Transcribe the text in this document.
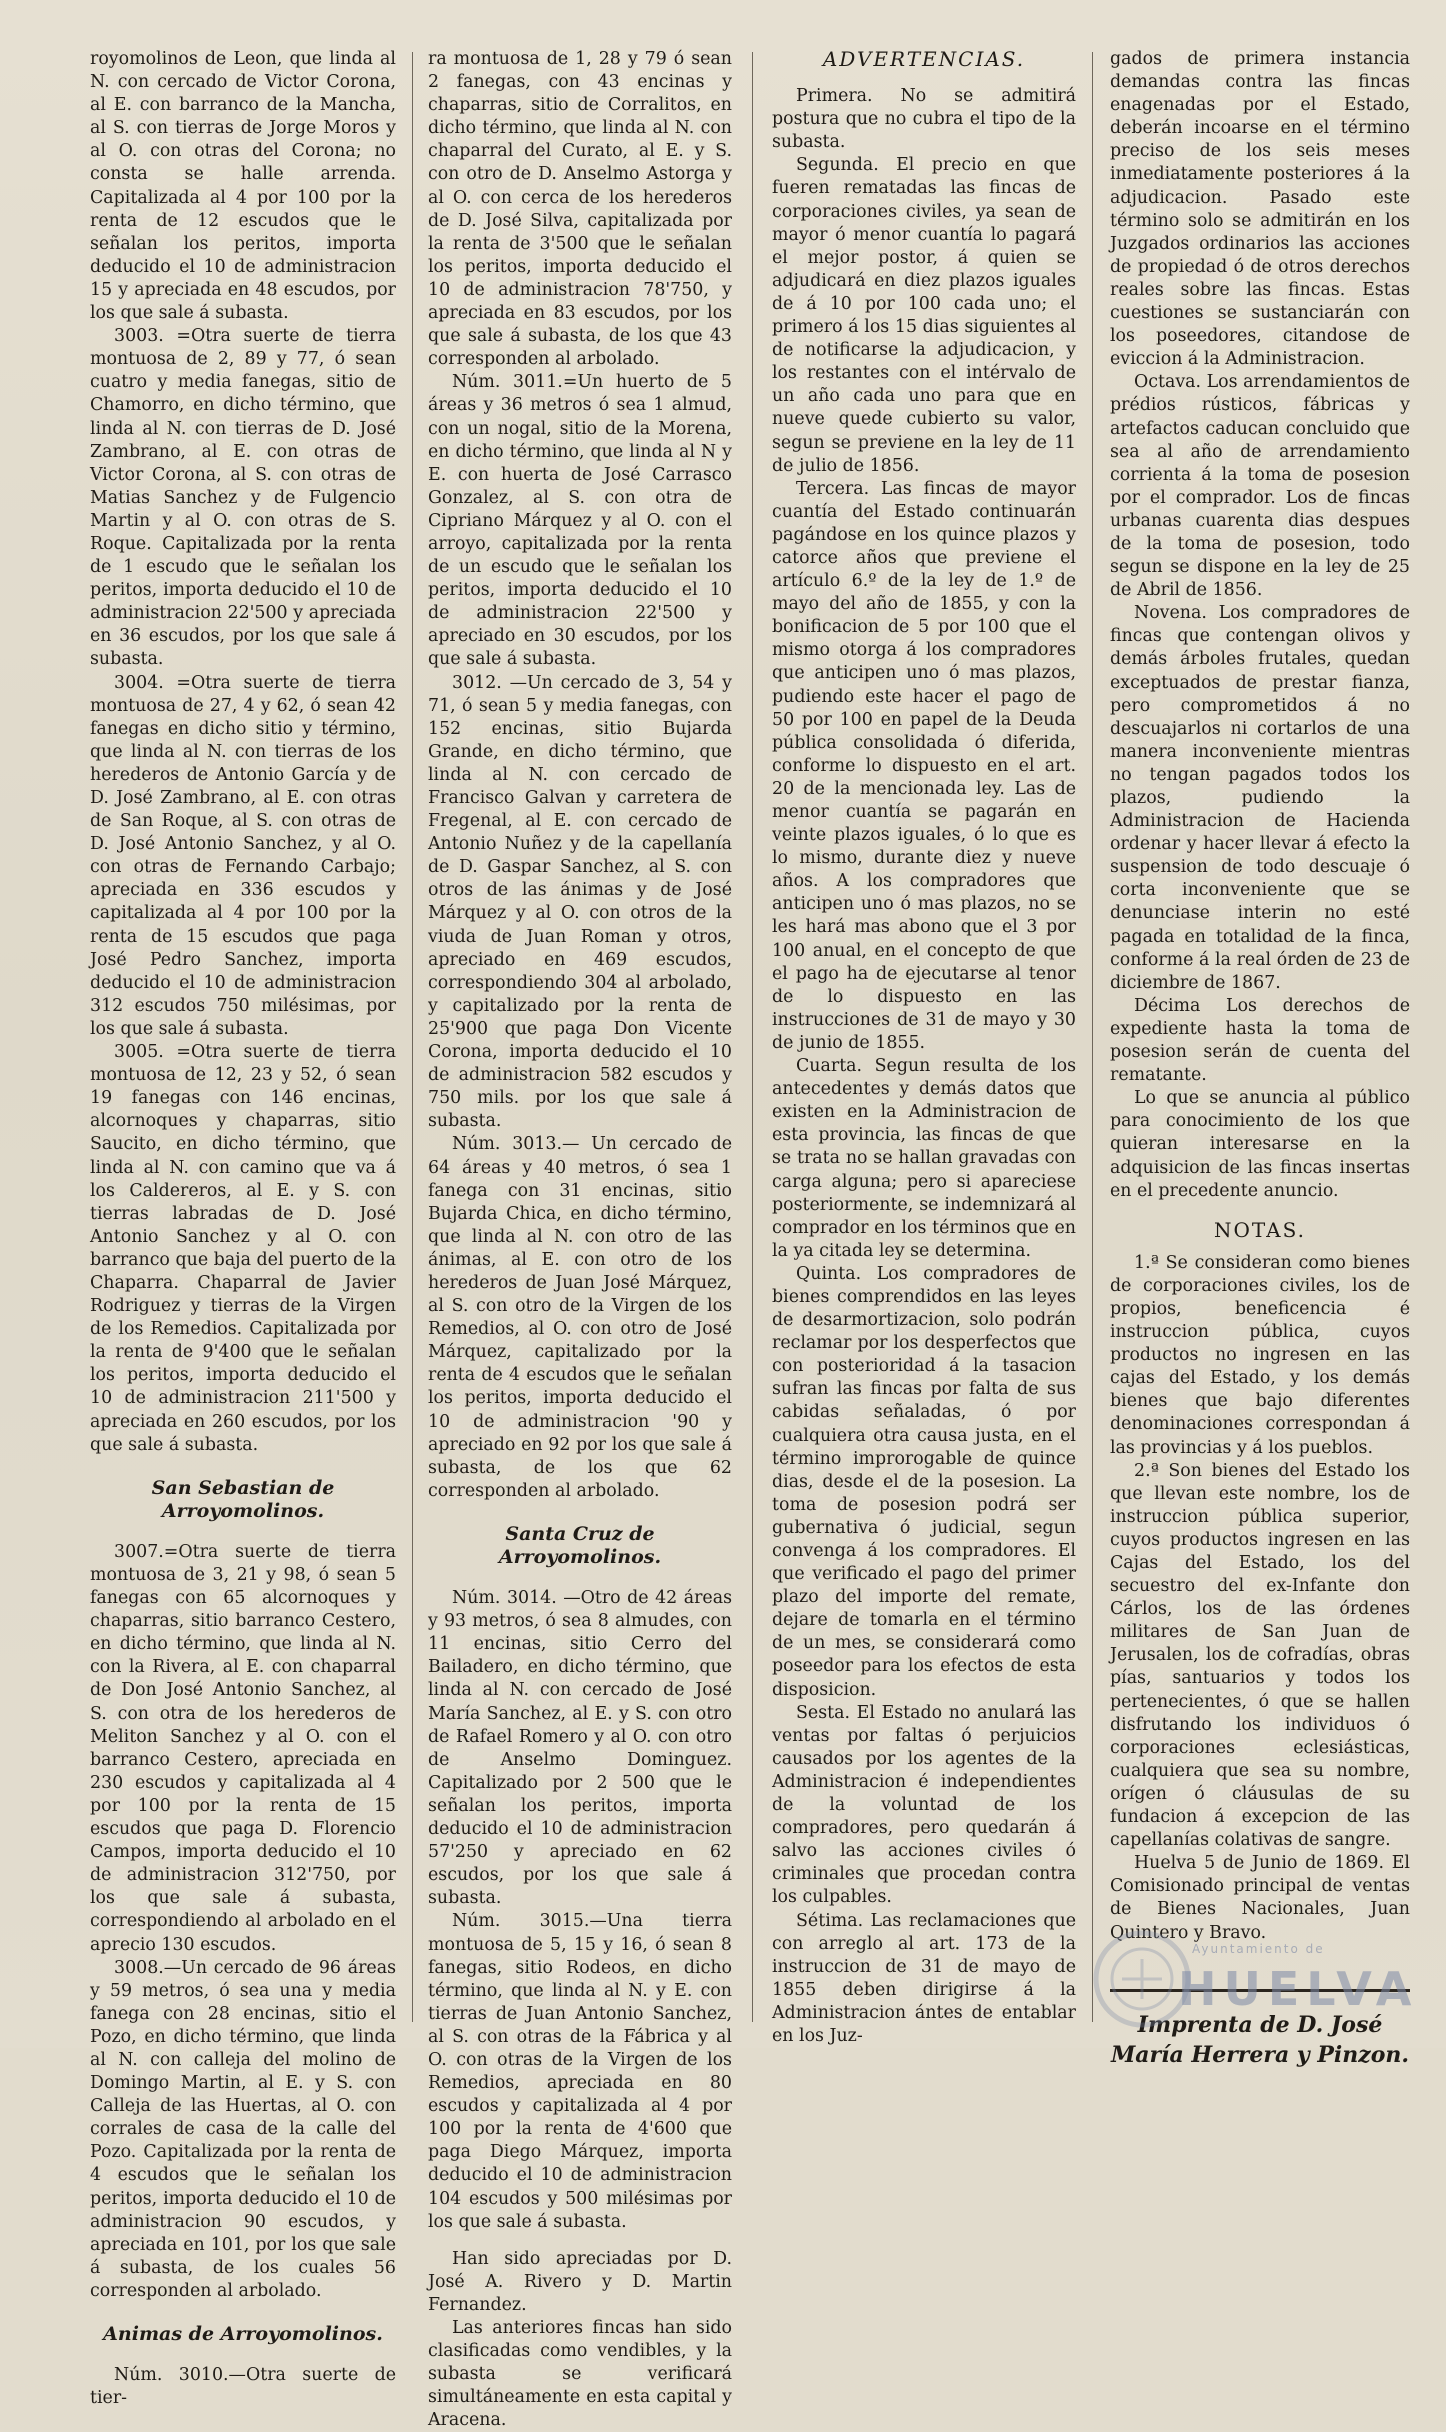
royomolinos de Leon, que linda al N. con cercado de Victor Corona, al E. con barranco de la Mancha, al S. con tierras de Jorge Moros y al O. con otras del Corona; no consta se halle arrenda. Capitalizada al 4 por 100 por la renta de 12 escudos que le señalan los peritos, importa deducido el 10 de administracion 15 y apreciada en 48 escudos, por los que sale á subasta.

3003. =Otra suerte de tierra montuosa de 2, 89 y 77, ó sean cuatro y media fanegas, sitio de Chamorro, en dicho término, que linda al N. con tierras de D. José Zambrano, al E. con otras de Victor Corona, al S. con otras de Matias Sanchez y de Fulgencio Martin y al O. con otras de S. Roque. Capitalizada por la renta de 1 escudo que le señalan los peritos, importa deducido el 10 de administracion 22'500 y apreciada en 36 escudos, por los que sale á subasta.

3004. =Otra suerte de tierra montuosa de 27, 4 y 62, ó sean 42 fanegas en dicho sitio y término, que linda al N. con tierras de los herederos de Antonio García y de D. José Zambrano, al E. con otras de San Roque, al S. con otras de D. José Antonio Sanchez, y al O. con otras de Fernando Carbajo; apreciada en 336 escudos y capitalizada al 4 por 100 por la renta de 15 escudos que paga José Pedro Sanchez, importa deducido el 10 de administracion 312 escudos 750 milésimas, por los que sale á subasta.

3005. =Otra suerte de tierra montuosa de 12, 23 y 52, ó sean 19 fanegas con 146 encinas, alcornoques y chaparras, sitio Saucito, en dicho término, que linda al N. con camino que va á los Caldereros, al E. y S. con tierras labradas de D. José Antonio Sanchez y al O. con barranco que baja del puerto de la Chaparra. Chaparral de Javier Rodriguez y tierras de la Virgen de los Remedios. Capitalizada por la renta de 9'400 que le señalan los peritos, importa deducido el 10 de administracion 211'500 y apreciada en 260 escudos, por los que sale á subasta.

San Sebastian de Arroyomolinos.

3007.=Otra suerte de tierra montuosa de 3, 21 y 98, ó sean 5 fanegas con 65 alcornoques y chaparras, sitio barranco Cestero, en dicho término, que linda al N. con la Rivera, al E. con chaparral de Don José Antonio Sanchez, al S. con otra de los herederos de Meliton Sanchez y al O. con el barranco Cestero, apreciada en 230 escudos y capitalizada al 4 por 100 por la renta de 15 escudos que paga D. Florencio Campos, importa deducido el 10 de administracion 312'750, por los que sale á subasta, correspondiendo al arbolado en el aprecio 130 escudos.

3008.—Un cercado de 96 áreas y 59 metros, ó sea una y media fanega con 28 encinas, sitio el Pozo, en dicho término, que linda al N. con calleja del molino de Domingo Martin, al E. y S. con Calleja de las Huertas, al O. con corrales de casa de la calle del Pozo. Capitalizada por la renta de 4 escudos que le señalan los peritos, importa deducido el 10 de administracion 90 escudos, y apreciada en 101, por los que sale á subasta, de los cuales 56 corresponden al arbolado.

Animas de Arroyomolinos.

Núm. 3010.—Otra suerte de tier-

ra montuosa de 1, 28 y 79 ó sean 2 fanegas, con 43 encinas y chaparras, sitio de Corralitos, en dicho término, que linda al N. con chaparral del Curato, al E. y S. con otro de D. Anselmo Astorga y al O. con cerca de los herederos de D. José Silva, capitalizada por la renta de 3'500 que le señalan los peritos, importa deducido el 10 de administracion 78'750, y apreciada en 83 escudos, por los que sale á subasta, de los que 43 corresponden al arbolado.

Núm. 3011.=Un huerto de 5 áreas y 36 metros ó sea 1 almud, con un nogal, sitio de la Morena, en dicho término, que linda al N y E. con huerta de José Carrasco Gonzalez, al S. con otra de Cipriano Márquez y al O. con el arroyo, capitalizada por la renta de un escudo que le señalan los peritos, importa deducido el 10 de administracion 22'500 y apreciado en 30 escudos, por los que sale á subasta.

3012. —Un cercado de 3, 54 y 71, ó sean 5 y media fanegas, con 152 encinas, sitio Bujarda Grande, en dicho término, que linda al N. con cercado de Francisco Galvan y carretera de Fregenal, al E. con cercado de Antonio Nuñez y de la capellanía de D. Gaspar Sanchez, al S. con otros de las ánimas y de José Márquez y al O. con otros de la viuda de Juan Roman y otros, apreciado en 469 escudos, correspondiendo 304 al arbolado, y capitalizado por la renta de 25'900 que paga Don Vicente Corona, importa deducido el 10 de administracion 582 escudos y 750 mils. por los que sale á subasta.

Núm. 3013.— Un cercado de 64 áreas y 40 metros, ó sea 1 fanega con 31 encinas, sitio Bujarda Chica, en dicho término, que linda al N. con otro de las ánimas, al E. con otro de los herederos de Juan José Márquez, al S. con otro de la Virgen de los Remedios, al O. con otro de José Márquez, capitalizado por la renta de 4 escudos que le señalan los peritos, importa deducido el 10 de administracion '90 y apreciado en 92 por los que sale á subasta, de los que 62 corresponden al arbolado.

Santa Cruz de Arroyomolinos.

Núm. 3014. —Otro de 42 áreas y 93 metros, ó sea 8 almudes, con 11 encinas, sitio Cerro del Bailadero, en dicho término, que linda al N. con cercado de José María Sanchez, al E. y S. con otro de Rafael Romero y al O. con otro de Anselmo Dominguez. Capitalizado por 2 500 que le señalan los peritos, importa deducido el 10 de administracion 57'250 y apreciado en 62 escudos, por los que sale á subasta.

Núm. 3015.—Una tierra montuosa de 5, 15 y 16, ó sean 8 fanegas, sitio Rodeos, en dicho término, que linda al N. y E. con tierras de Juan Antonio Sanchez, al S. con otras de la Fábrica y al O. con otras de la Virgen de los Remedios, apreciada en 80 escudos y capitalizada al 4 por 100 por la renta de 4'600 que paga Diego Márquez, importa deducido el 10 de administracion 104 escudos y 500 milésimas por los que sale á subasta.

Han sido apreciadas por D. José A. Rivero y D. Martin Fernandez.

Las anteriores fincas han sido clasificadas como vendibles, y la subasta se verificará simultáneamente en esta capital y Aracena.

ADVERTENCIAS.

Primera. No se admitirá postura que no cubra el tipo de la subasta.

Segunda. El precio en que fueren rematadas las fincas de corporaciones civiles, ya sean de mayor ó menor cuantía lo pagará el mejor postor, á quien se adjudicará en diez plazos iguales de á 10 por 100 cada uno; el primero á los 15 dias siguientes al de notificarse la adjudicacion, y los restantes con el intérvalo de un año cada uno para que en nueve quede cubierto su valor, segun se previene en la ley de 11 de julio de 1856.

Tercera. Las fincas de mayor cuantía del Estado continuarán pagándose en los quince plazos y catorce años que previene el artículo 6.º de la ley de 1.º de mayo del año de 1855, y con la bonificacion de 5 por 100 que el mismo otorga á los compradores que anticipen uno ó mas plazos, pudiendo este hacer el pago de 50 por 100 en papel de la Deuda pública consolidada ó diferida, conforme lo dispuesto en el art. 20 de la mencionada ley. Las de menor cuantía se pagarán en veinte plazos iguales, ó lo que es lo mismo, durante diez y nueve años. A los compradores que anticipen uno ó mas plazos, no se les hará mas abono que el 3 por 100 anual, en el concepto de que el pago ha de ejecutarse al tenor de lo dispuesto en las instrucciones de 31 de mayo y 30 de junio de 1855.

Cuarta. Segun resulta de los antecedentes y demás datos que existen en la Administracion de esta provincia, las fincas de que se trata no se hallan gravadas con carga alguna; pero si apareciese posteriormente, se indemnizará al comprador en los términos que en la ya citada ley se determina.

Quinta. Los compradores de bienes comprendidos en las leyes de desarmortizacion, solo podrán reclamar por los desperfectos que con posterioridad á la tasacion sufran las fincas por falta de sus cabidas señaladas, ó por cualquiera otra causa justa, en el término improrogable de quince dias, desde el de la posesion. La toma de posesion podrá ser gubernativa ó judicial, segun convenga á los compradores. El que verificado el pago del primer plazo del importe del remate, dejare de tomarla en el término de un mes, se considerará como poseedor para los efectos de esta disposicion.

Sesta. El Estado no anulará las ventas por faltas ó perjuicios causados por los agentes de la Administracion é independientes de la voluntad de los compradores, pero quedarán á salvo las acciones civiles ó criminales que procedan contra los culpables.

Sétima. Las reclamaciones que con arreglo al art. 173 de la instruccion de 31 de mayo de 1855 deben dirigirse á la Administracion ántes de entablar en los Juz-

gados de primera instancia demandas contra las fincas enagenadas por el Estado, deberán incoarse en el término preciso de los seis meses inmediatamente posteriores á la adjudicacion. Pasado este término solo se admitirán en los Juzgados ordinarios las acciones de propiedad ó de otros derechos reales sobre las fincas. Estas cuestiones se sustanciarán con los poseedores, citandose de eviccion á la Administracion.

Octava. Los arrendamientos de prédios rústicos, fábricas y artefactos caducan concluido que sea al año de arrendamiento corrienta á la toma de posesion por el comprador. Los de fincas urbanas cuarenta dias despues de la toma de posesion, todo segun se dispone en la ley de 25 de Abril de 1856.

Novena. Los compradores de fincas que contengan olivos y demás árboles frutales, quedan exceptuados de prestar fianza, pero comprometidos á no descuajarlos ni cortarlos de una manera inconveniente mientras no tengan pagados todos los plazos, pudiendo la Administracion de Hacienda ordenar y hacer llevar á efecto la suspension de todo descuaje ó corta inconveniente que se denunciase interin no esté pagada en totalidad de la finca, conforme á la real órden de 23 de diciembre de 1867.

Décima Los derechos de expediente hasta la toma de posesion serán de cuenta del rematante.

Lo que se anuncia al público para conocimiento de los que quieran interesarse en la adquisicion de las fincas insertas en el precedente anuncio.

NOTAS.

1.ª Se consideran como bienes de corporaciones civiles, los de propios, beneficencia é instruccion pública, cuyos productos no ingresen en las cajas del Estado, y los demás bienes que bajo diferentes denominaciones correspondan á las provincias y á los pueblos.

2.ª Son bienes del Estado los que llevan este nombre, los de instruccion pública superior, cuyos productos ingresen en las Cajas del Estado, los del secuestro del ex-Infante don Cárlos, los de las órdenes militares de San Juan de Jerusalen, los de cofradías, obras pías, santuarios y todos los pertenecientes, ó que se hallen disfrutando los individuos ó corporaciones eclesiásticas, cualquiera que sea su nombre, orígen ó cláusulas de su fundacion á excepcion de las capellanías colativas de sangre.

Huelva 5 de Junio de 1869. El Comisionado principal de ventas de Bienes Nacionales, Juan Quintero y Bravo.

Imprenta de D. José María Herrera y Pinzon.

Ayuntamiento de
HUELVA
